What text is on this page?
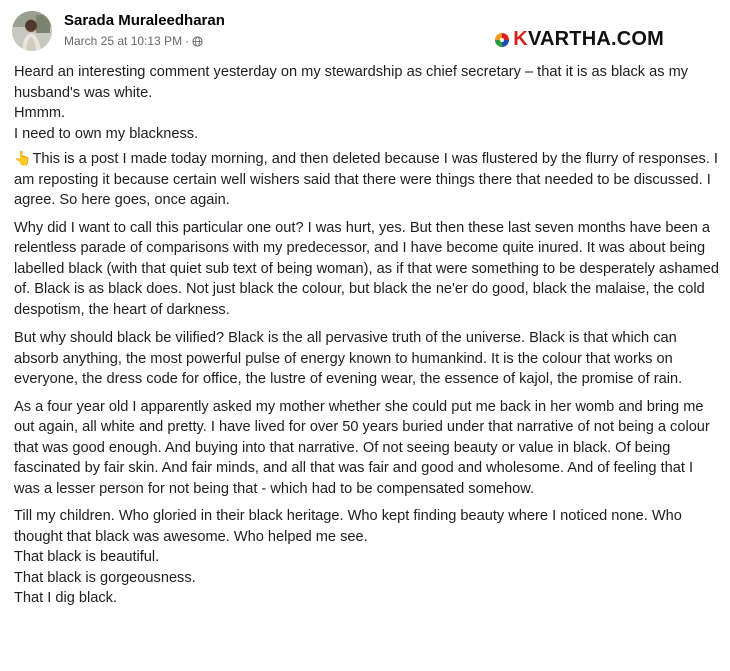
Sarada Muraleedharan
March 25 at 10:13 PM ·	K VARTHA.COM

Heard an interesting comment yesterday on my stewardship as chief secretary – that it is as black as my husband's was white.
Hmmm.
I need to own my blackness.

👆This is a post I made today morning, and then deleted because I was flustered by the flurry of responses. I am reposting it because certain well wishers said that there were things there that needed to be discussed. I agree. So here goes, once again.

Why did I want to call this particular one out? I was hurt, yes. But then these last seven months have been a relentless parade of comparisons with my predecessor, and I have become quite inured. It was about being labelled black (with that quiet sub text of being woman), as if that were something to be desperately ashamed of. Black is as black does. Not just black the colour, but black the ne'er do good, black the malaise, the cold despotism, the heart of darkness.

But why should black be vilified? Black is the all pervasive truth of the universe. Black is that which can absorb anything, the most powerful pulse of energy known to humankind. It is the colour that works on everyone, the dress code for office, the lustre of evening wear, the essence of kajol, the promise of rain.

As a four year old I apparently asked my mother whether she could put me back in her womb and bring me out again, all white and pretty. I have lived for over 50 years buried under that narrative of not being a colour that was good enough. And buying into that narrative. Of not seeing beauty or value in black. Of being fascinated by fair skin. And fair minds, and all that was fair and good and wholesome. And of feeling that I was a lesser person for not being that - which had to be compensated somehow.

Till my children. Who gloried in their black heritage. Who kept finding beauty where I noticed none. Who thought that black was awesome. Who helped me see.
That black is beautiful.
That black is gorgeousness.
That I dig black.
